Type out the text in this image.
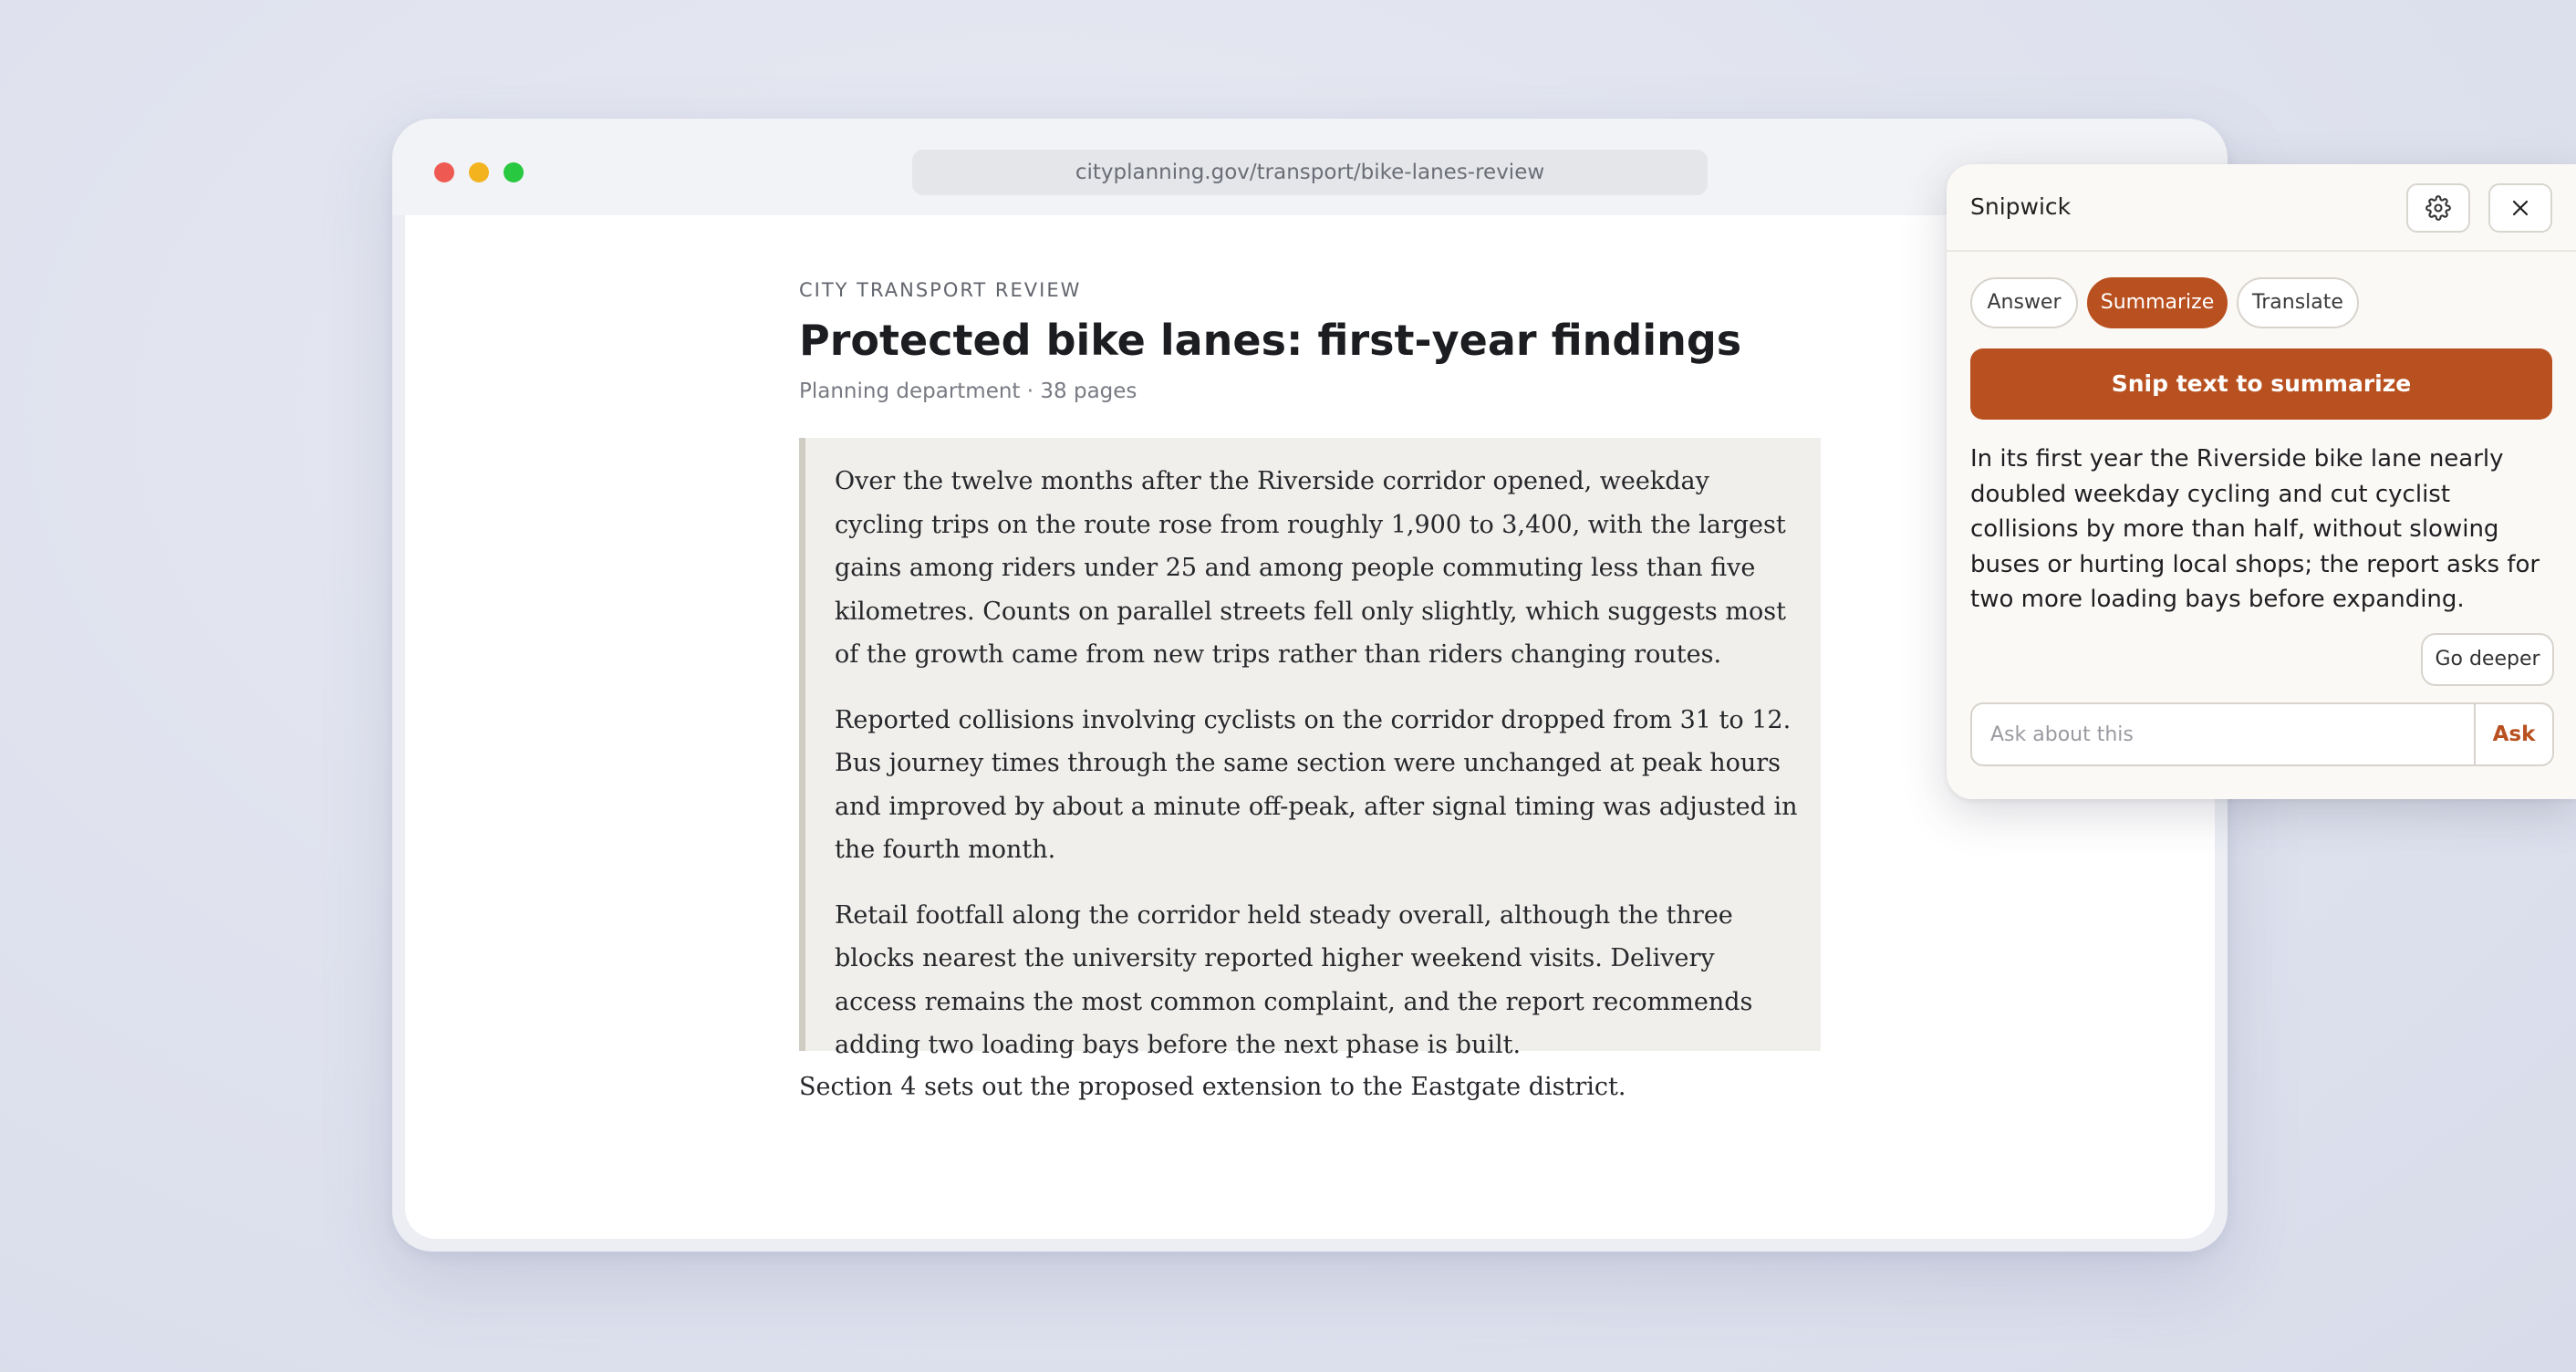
cityplanning.gov/transport/bike-lanes-review
CITY TRANSPORT REVIEW
Protected bike lanes: first-year findings
Planning department · 38 pages

Over the twelve months after the Riverside corridor opened, weekday cycling trips on the route rose from roughly 1,900 to 3,400, with the largest gains among riders under 25 and among people commuting less than five kilometres. Counts on parallel streets fell only slightly, which suggests most of the growth came from new trips rather than riders changing routes.

Reported collisions involving cyclists on the corridor dropped from 31 to 12. Bus journey times through the same section were unchanged at peak hours and improved by about a minute off-peak, after signal timing was adjusted in the fourth month.

Retail footfall along the corridor held steady overall, although the three blocks nearest the university reported higher weekend visits. Delivery access remains the most common complaint, and the report recommends adding two loading bays before the next phase is built.

Section 4 sets out the proposed extension to the Eastgate district.

Snipwick
Answer	Summarize	Translate
Snip text to summarize

In its first year the Riverside bike lane nearly doubled weekday cycling and cut cyclist collisions by more than half, without slowing buses or hurting local shops; the report asks for two more loading bays before expanding.

Go deeper
Ask about this
Ask
